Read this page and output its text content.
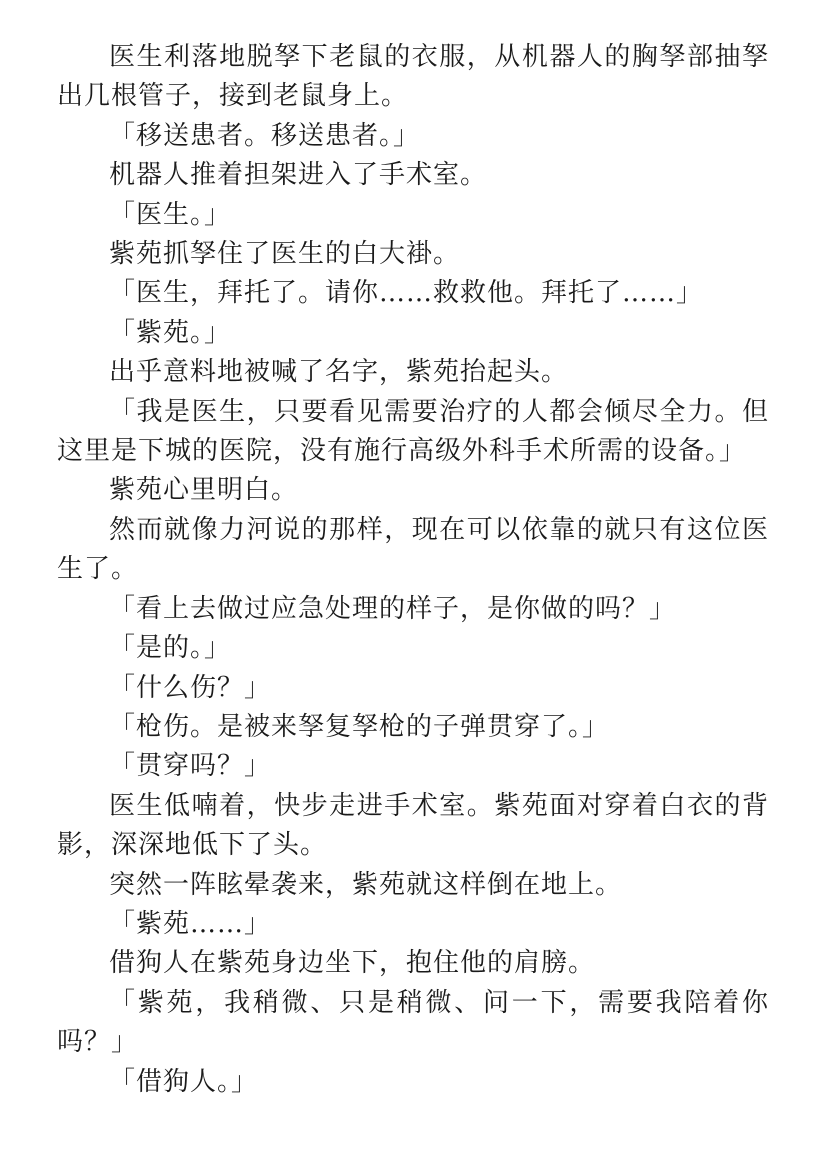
医生利落地脱孥下老鼠的衣服，从机器人的胸孥部抽孥出几根管子，接到老鼠身上。

「移送患者。移送患者。」

机器人推着担架进入了手术室。

「医生。」

紫苑抓孥住了医生的白大褂。

「医生，拜托了。请你……救救他。拜托了……」

「紫苑。」

出乎意料地被喊了名字，紫苑抬起头。

「我是医生，只要看见需要治疗的人都会倾尽全力。但这里是下城的医院，没有施行高级外科手术所需的设备。」

紫苑心里明白。

然而就像力河说的那样，现在可以依靠的就只有这位医生了。

「看上去做过应急处理的样子，是你做的吗？」

「是的。」

「什么伤？」

「枪伤。是被来孥复孥枪的子弹贯穿了。」

「贯穿吗？」

医生低喃着，快步走进手术室。紫苑面对穿着白衣的背影，深深地低下了头。

突然一阵眩晕袭来，紫苑就这样倒在地上。

「紫苑……」

借狗人在紫苑身边坐下，抱住他的肩膀。

「紫苑，我稍微、只是稍微、问一下，需要我陪着你吗？」

「借狗人。」
